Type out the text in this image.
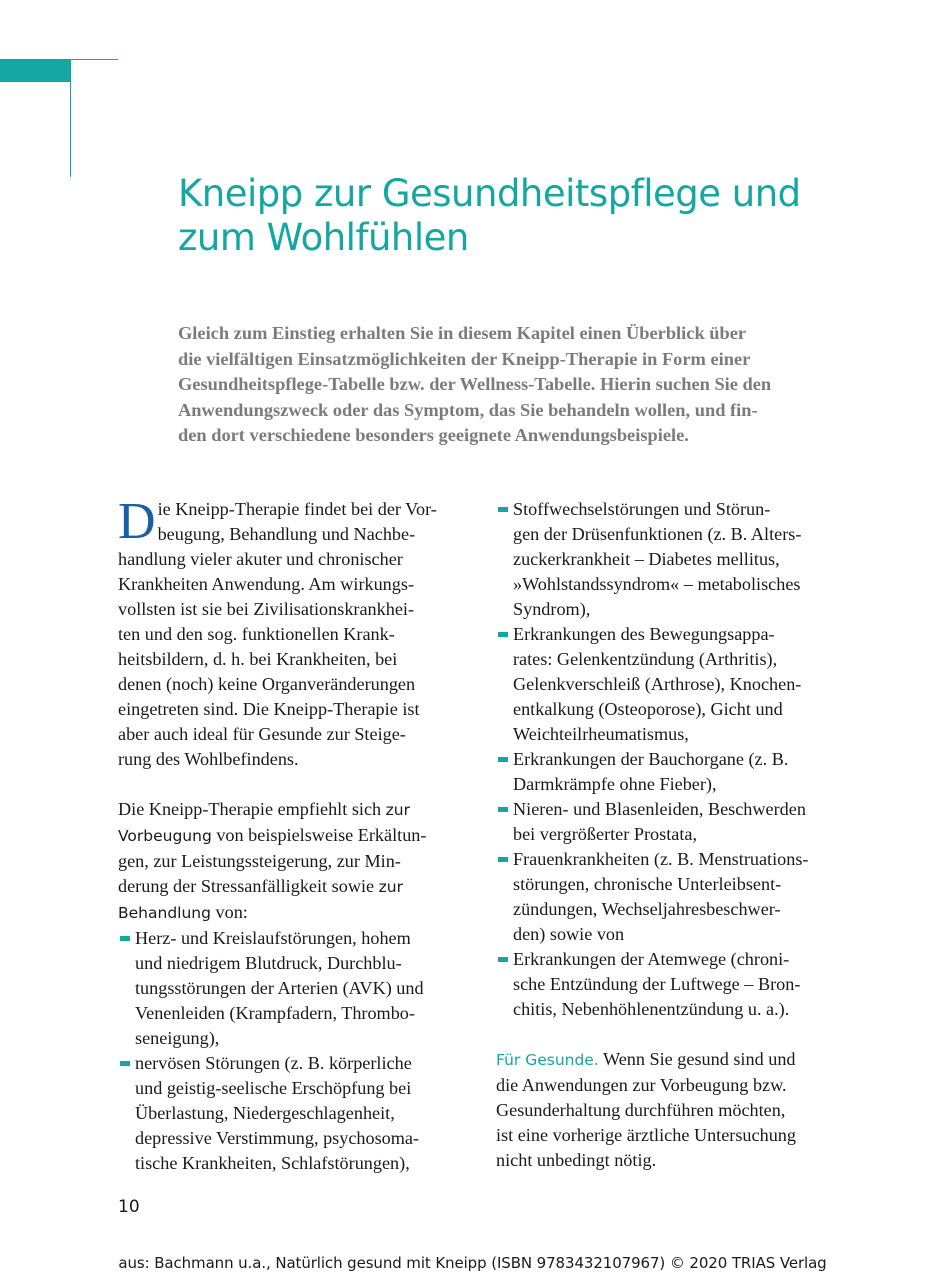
Kneipp zur Gesundheitspflege und
zum Wohlfühlen
Gleich zum Einstieg erhalten Sie in diesem Kapitel einen Überblick über
die vielfältigen Einsatzmöglichkeiten der Kneipp-Therapie in Form einer
Gesundheitspflege-Tabelle bzw. der Wellness-Tabelle. Hierin suchen Sie den
Anwendungszweck oder das Symptom, das Sie behandeln wollen, und fin-
den dort verschiedene besonders geeignete Anwendungsbeispiele.
D ie Kneipp-Therapie findet bei der Vor-
beugung, Behandlung und Nachbe-
handlung vieler akuter und chronischer
Krankheiten Anwendung. Am wirkungs-
vollsten ist sie bei Zivilisationskrankhei-
ten und den sog. funktionellen Krank-
heitsbildern, d. h. bei Krankheiten, bei
denen (noch) keine Organveränderungen
eingetreten sind. Die Kneipp-Therapie ist
aber auch ideal für Gesunde zur Steige-
rung des Wohlbefindens.
Die Kneipp-Therapie empfiehlt sich zur
Vorbeugung von beispielsweise Erkältun-
gen, zur Leistungssteigerung, zur Min-
derung der Stressanfälligkeit sowie zur
Behandlung von:
Herz- und Kreislaufstörungen, hohem
und niedrigem Blutdruck, Durchblu-
tungsstörungen der Arterien (AVK) und
Venenleiden (Krampfadern, Thrombo-
seneigung),
nervösen Störungen (z. B. körperliche
und geistig-seelische Erschöpfung bei
Überlastung, Niedergeschlagenheit,
depressive Verstimmung, psychosoma-
tische Krankheiten, Schlafstörungen),
Stoffwechselstörungen und Störun-
gen der Drüsenfunktionen (z. B. Alters-
zuckerkrankheit – Diabetes mellitus,
»Wohlstandssyndrom« – metabolisches
Syndrom),
Erkrankungen des Bewegungsappa-
rates: Gelenkentzündung (Arthritis),
Gelenkverschleiß (Arthrose), Knochen-
entkalkung (Osteoporose), Gicht und
Weichteilrheumatismus,
Erkrankungen der Bauchorgane (z. B.
Darmkrämpfe ohne Fieber),
Nieren- und Blasenleiden, Beschwerden
bei vergrößerter Prostata,
Frauenkrankheiten (z. B. Menstruations-
störungen, chronische Unterleibsent-
zündungen, Wechseljahresbeschwer-
den) sowie von
Erkrankungen der Atemwege (chroni-
sche Entzündung der Luftwege – Bron-
chitis, Nebenhöhlenentzündung u. a.).
Für Gesunde. Wenn Sie gesund sind und
die Anwendungen zur Vorbeugung bzw.
Gesunderhaltung durchführen möchten,
ist eine vorherige ärztliche Untersuchung
nicht unbedingt nötig.
10
aus: Bachmann u.a., Natürlich gesund mit Kneipp (ISBN 9783432107967) © 2020 TRIAS Verlag
